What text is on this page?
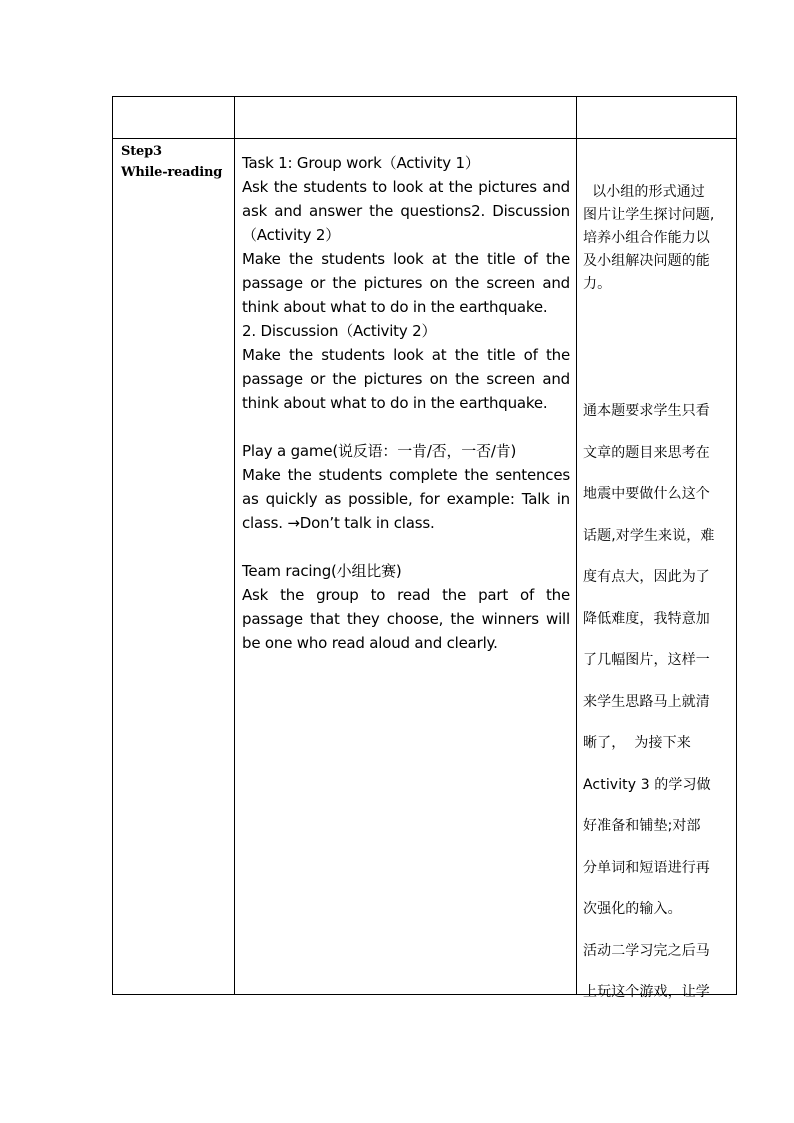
Step3
While-reading

Task 1: Group work（Activity 1）

Ask the students to look at the pictures and ask and answer the questions2. Discussion（Activity 2）

Make the students look at the title of the passage or the pictures on the screen and think about what to do in the earthquake.

2. Discussion（Activity 2）

Make the students look at the title of the passage or the pictures on the screen and think about what to do in the earthquake.

Play a game(说反语：一肯/否，一否/肯)

Make the students complete the sentences as quickly as possible, for example: Talk in class. →Don’t talk in class.

Team racing(小组比赛)

Ask the group to read the part of the passage that they choose, the winners will be one who read aloud and clearly.

以小组的形式通过
图片让学生探讨问题,
培养小组合作能力以
及小组解决问题的能
力。
通本题要求学生只看
文章的题目来思考在
地震中要做什么这个
话题,对学生来说，难
度有点大，因此为了
降低难度，我特意加
了几幅图片，这样一
来学生思路马上就清
晰了，  为接下来
Activity 3 的学习做
好准备和铺垫;对部
分单词和短语进行再
次强化的输入。
活动二学习完之后马
上玩这个游戏，让学
